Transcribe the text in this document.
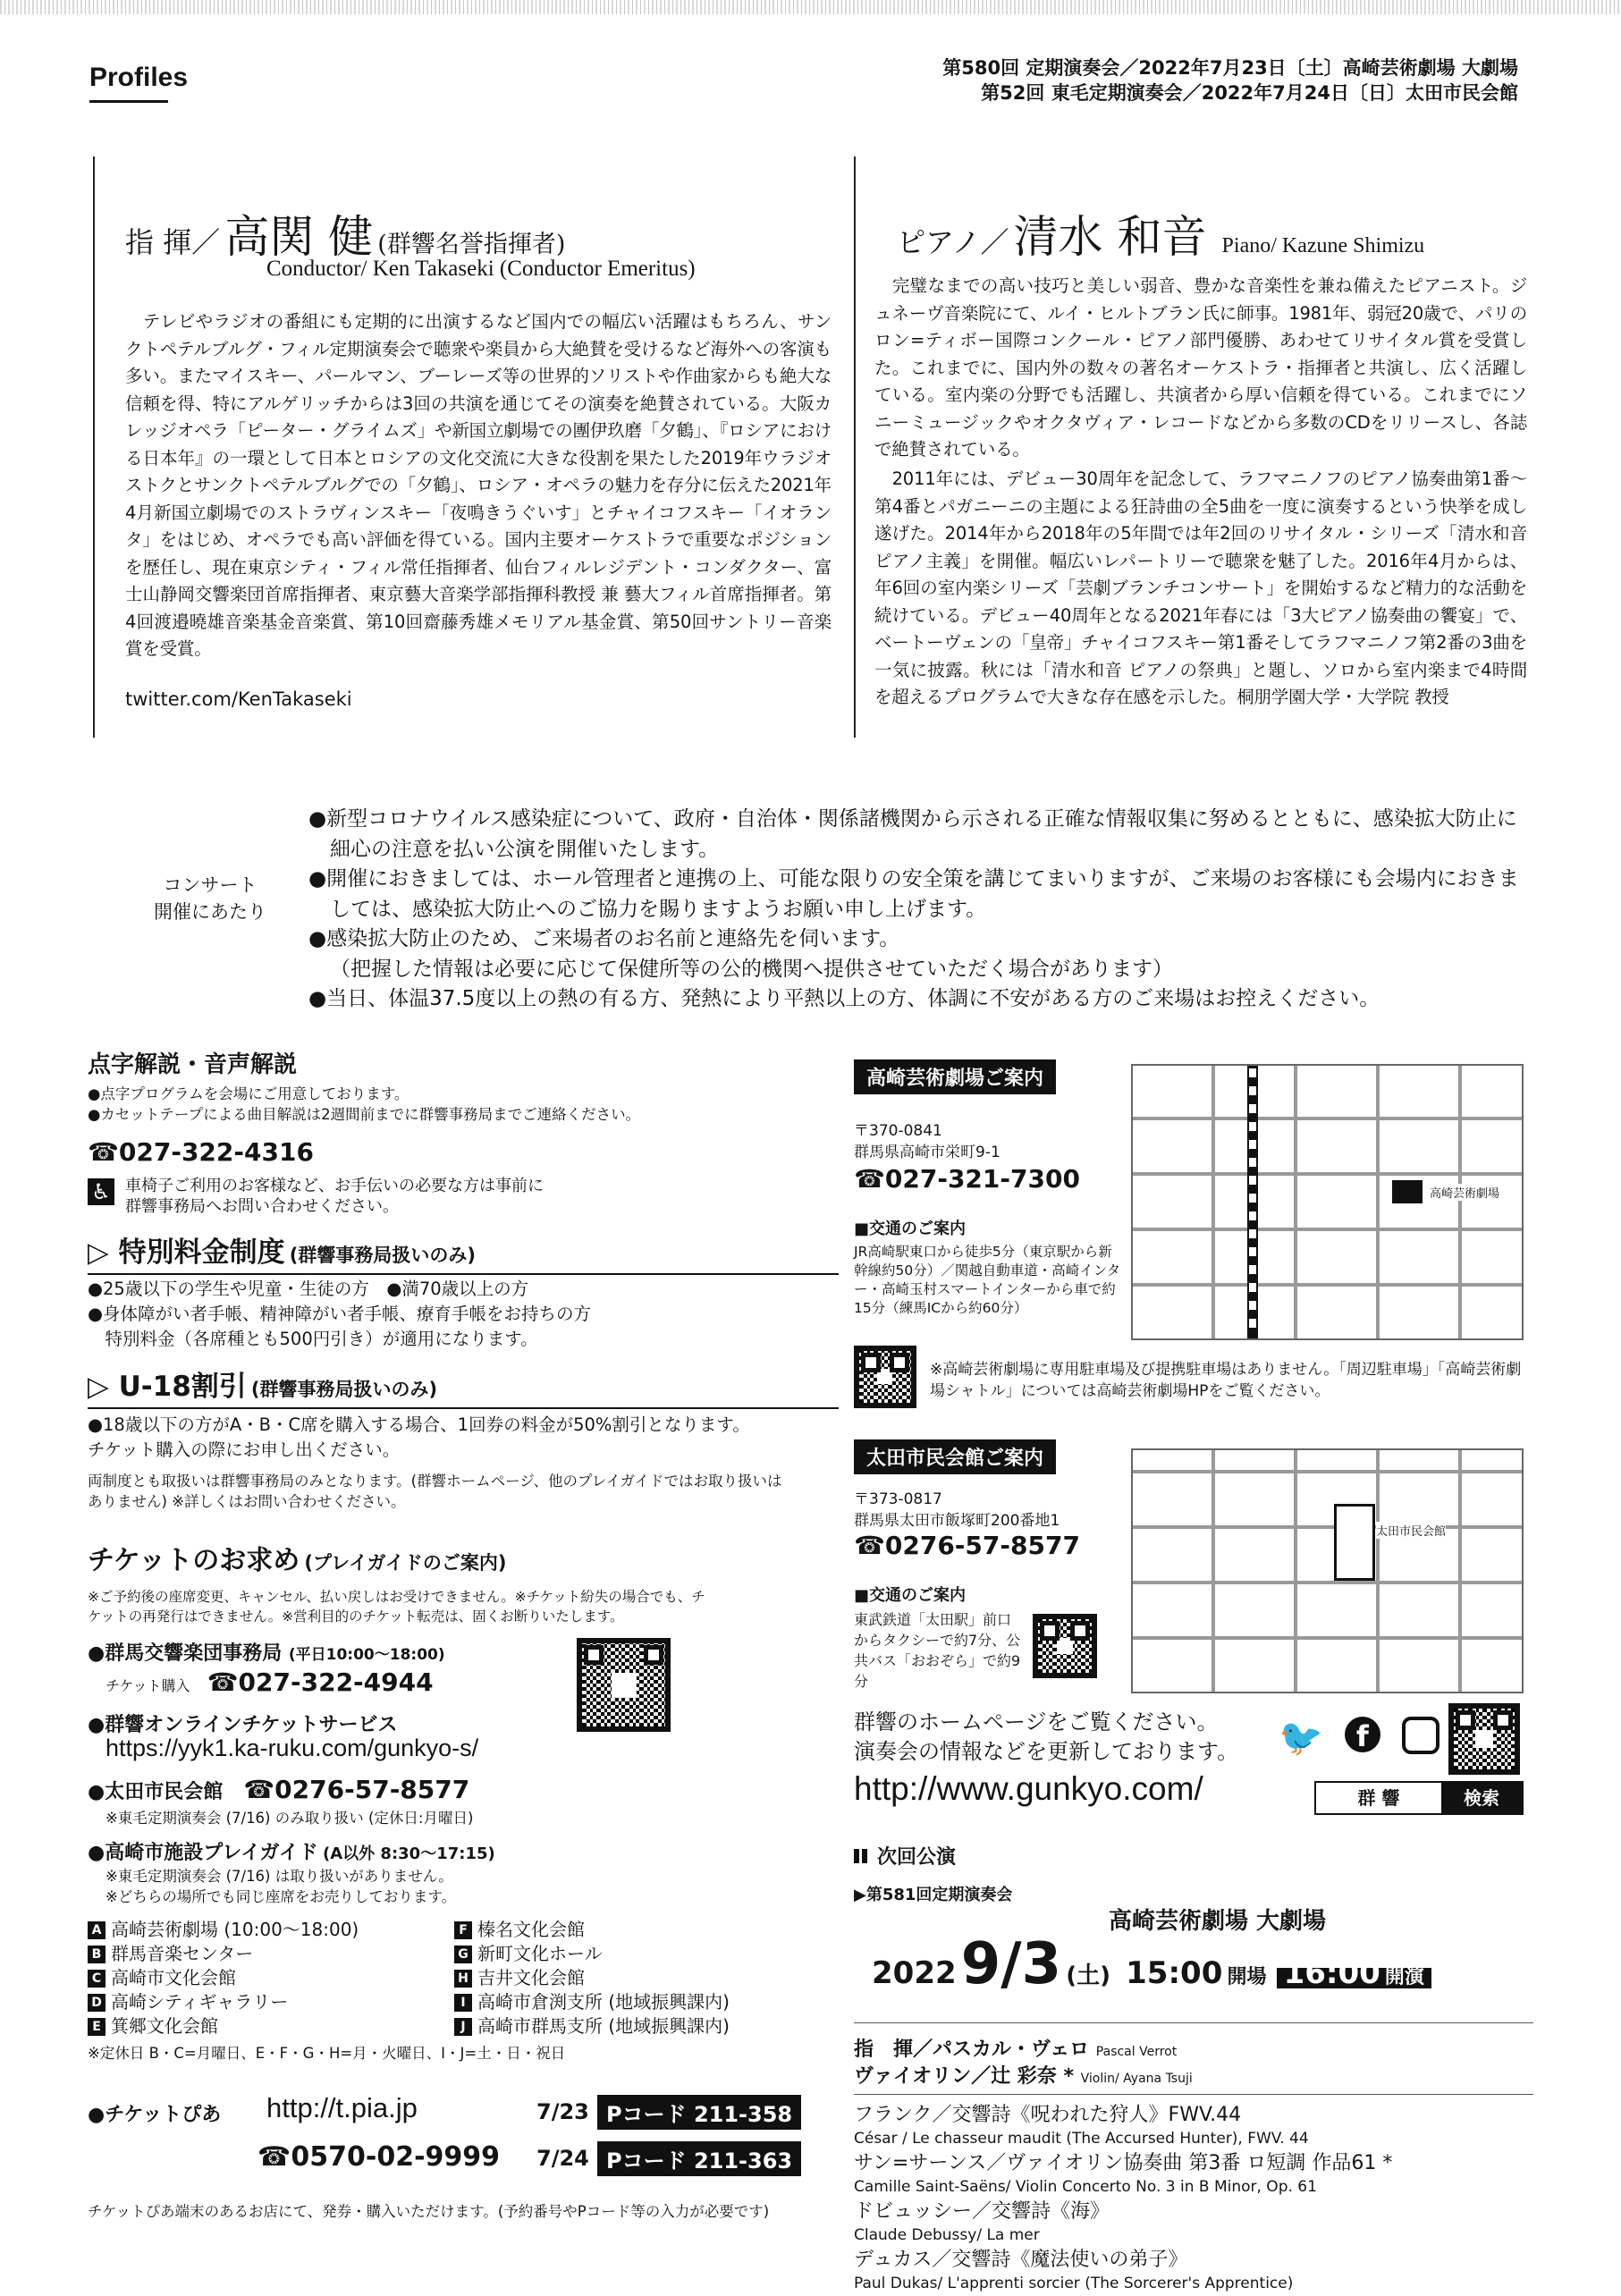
Profiles	第580回 定期演奏会／2022年7月23日〔土〕高崎芸術劇場 大劇場
第52回 東毛定期演奏会／2022年7月24日〔日〕太田市民会館
指 揮／ 高関 健 (群響名誉指揮者)
Conductor/ Ken Takaseki (Conductor Emeritus)
　テレビやラジオの番組にも定期的に出演するなど国内での幅広い活躍はもちろん、サンクトペテルブルグ・フィル定期演奏会で聴衆や楽員から大絶賛を受けるなど海外への客演も多い。またマイスキー、パールマン、ブーレーズ等の世界的ソリストや作曲家からも絶大な信頼を得、特にアルゲリッチからは3回の共演を通じてその演奏を絶賛されている。大阪カレッジオペラ「ピーター・グライムズ」や新国立劇場での團伊玖磨「夕鶴」、『ロシアにおける日本年』の一環として日本とロシアの文化交流に大きな役割を果たした2019年ウラジオストクとサンクトペテルブルグでの「夕鶴」、ロシア・オペラの魅力を存分に伝えた2021年4月新国立劇場でのストラヴィンスキー「夜鳴きうぐいす」とチャイコフスキー「イオランタ」をはじめ、オペラでも高い評価を得ている。国内主要オーケストラで重要なポジションを歴任し、現在東京シティ・フィル常任指揮者、仙台フィルレジデント・コンダクター、富士山静岡交響楽団首席指揮者、東京藝大音楽学部指揮科教授 兼 藝大フィル首席指揮者。第4回渡邉曉雄音楽基金音楽賞、第10回齋藤秀雄メモリアル基金賞、第50回サントリー音楽賞を受賞。
twitter.com/KenTakaseki
ピアノ／ 清水 和音 Piano/ Kazune Shimizu
　完璧なまでの高い技巧と美しい弱音、豊かな音楽性を兼ね備えたピアニスト。ジュネーヴ音楽院にて、ルイ・ヒルトブラン氏に師事。1981年、弱冠20歳で、パリのロン=ティボー国際コンクール・ピアノ部門優勝、あわせてリサイタル賞を受賞した。これまでに、国内外の数々の著名オーケストラ・指揮者と共演し、広く活躍している。室内楽の分野でも活躍し、共演者から厚い信頼を得ている。これまでにソニーミュージックやオクタヴィア・レコードなどから多数のCDをリリースし、各誌で絶賛されている。
　2011年には、デビュー30周年を記念して、ラフマニノフのピアノ協奏曲第1番〜第4番とパガニーニの主題による狂詩曲の全5曲を一度に演奏するという快挙を成し遂げた。2014年から2018年の5年間では年2回のリサイタル・シリーズ「清水和音　ピアノ主義」を開催。幅広いレパートリーで聴衆を魅了した。2016年4月からは、年6回の室内楽シリーズ「芸劇ブランチコンサート」を開始するなど精力的な活動を続けている。デビュー40周年となる2021年春には「3大ピアノ協奏曲の饗宴」で、ベートーヴェンの「皇帝」チャイコフスキー第1番そしてラフマニノフ第2番の3曲を一気に披露。秋には「清水和音 ピアノの祭典」と題し、ソロから室内楽まで4時間を超えるプログラムで大きな存在感を示した。桐朋学園大学・大学院 教授
コンサート
開催にあたり
●新型コロナウイルス感染症について、政府・自治体・関係諸機関から示される正確な情報収集に努めるとともに、感染拡大防止に細心の注意を払い公演を開催いたします。
●開催におきましては、ホール管理者と連携の上、可能な限りの安全策を講じてまいりますが、ご来場のお客様にも会場内におきましては、感染拡大防止へのご協力を賜りますようお願い申し上げます。
●感染拡大防止のため、ご来場者のお名前と連絡先を伺います。
（把握した情報は必要に応じて保健所等の公的機関へ提供させていただく場合があります）
●当日、体温37.5度以上の熱の有る方、発熱により平熱以上の方、体調に不安がある方のご来場はお控えください。
点字解説・音声解説
●点字プログラムを会場にご用意しております。
●カセットテープによる曲目解説は2週間前までに群響事務局までご連絡ください。
☎027-322-4316
♿ 車椅子ご利用のお客様など、お手伝いの必要な方は事前に群響事務局へお問い合わせください。
▷ 特別料金制度 (群響事務局扱いのみ)
●25歳以下の学生や児童・生徒の方　●満70歳以上の方
●身体障がい者手帳、精神障がい者手帳、療育手帳をお持ちの方
　特別料金（各席種とも500円引き）が適用になります。
▷ U-18割引 (群響事務局扱いのみ)
●18歳以下の方がA・B・C席を購入する場合、1回券の料金が50%割引となります。チケット購入の際にお申し出ください。
両制度とも取扱いは群響事務局のみとなります。(群響ホームページ、他のプレイガイドではお取り扱いはありません) ※詳しくはお問い合わせください。
チケットのお求め (プレイガイドのご案内)
※ご予約後の座席変更、キャンセル、払い戻しはお受けできません。※チケット紛失の場合でも、チケットの再発行はできません。※営利目的のチケット転売は、固くお断りいたします。
●群馬交響楽団事務局 (平日10:00〜18:00)
チケット購入 ☎027-322-4944
●群響オンラインチケットサービス
https://yyk1.ka-ruku.com/gunkyo-s/
●太田市民会館 ☎0276-57-8577
※東毛定期演奏会 (7/16) のみ取り扱い (定休日:月曜日)
●高崎市施設プレイガイド (A以外 8:30〜17:15)
※東毛定期演奏会 (7/16) は取り扱いがありません。
※どちらの場所でも同じ座席をお売りしております。
A 高崎芸術劇場 (10:00〜18:00)
B 群馬音楽センター
C 高崎市文化会館
D 高崎シティギャラリー
E 箕郷文化会館
F 榛名文化会館
G 新町文化ホール
H 吉井文化会館
I 高崎市倉渕支所 (地域振興課内)
J 高崎市群馬支所 (地域振興課内)
※定休日 B・C=月曜日、E・F・G・H=月・火曜日、I・J=土・日・祝日
●チケットぴあ http://t.pia.jp
☎0570-02-9999
7/23 Pコード 211-358
7/24 Pコード 211-363
チケットぴあ端末のあるお店にて、発券・購入いただけます。(予約番号やPコード等の入力が必要です)
高崎芸術劇場ご案内
〒370-0841
群馬県高崎市栄町9-1
☎027-321-7300
■交通のご案内
JR高崎駅東口から徒歩5分（東京駅から新幹線約50分）／関越自動車道・高崎インター・高崎玉村スマートインターから車で約15分（練馬ICから約60分）
高崎芸術劇場
※高崎芸術劇場に専用駐車場及び提携駐車場はありません。「周辺駐車場」「高崎芸術劇場シャトル」については高崎芸術劇場HPをご覧ください。
太田市民会館ご案内
〒373-0817
群馬県太田市飯塚町200番地1
☎0276-57-8577
■交通のご案内
東武鉄道「太田駅」前口からタクシーで約7分、公共バス「おおぞら」で約9分
太田市民会館
群響のホームページをご覧ください。
演奏会の情報などを更新しております。 🐦	f
http://www.gunkyo.com/	群 響	検索
次回公演
▶第581回定期演奏会
高崎芸術劇場 大劇場
2022 9/3 (土) 15:00 開場 16:00 開演
指　揮／パスカル・ヴェロ Pascal Verrot
ヴァイオリン／辻 彩奈 * Violin/ Ayana Tsuji
フランク／交響詩《呪われた狩人》FWV.44
César / Le chasseur maudit (The Accursed Hunter), FWV. 44
サン=サーンス／ヴァイオリン協奏曲 第3番 ロ短調 作品61 *
Camille Saint-Saëns/ Violin Concerto No. 3 in B Minor, Op. 61
ドビュッシー／交響詩《海》
Claude Debussy/ La mer
デュカス／交響詩《魔法使いの弟子》
Paul Dukas/ L'apprenti sorcier (The Sorcerer's Apprentice)
